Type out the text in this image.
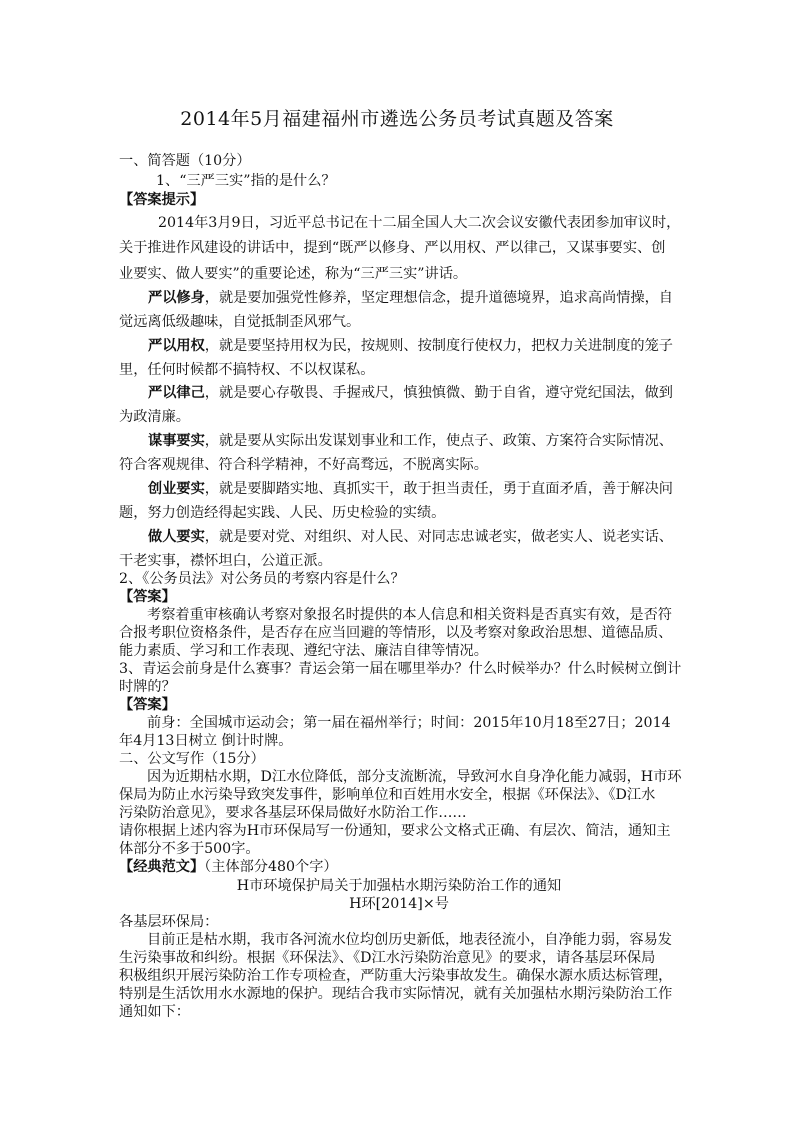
2014年5月福建福州市遴选公务员考试真题及答案
一、简答题（10分）
1、“三严三实”指的是什么？
【答案提示】
2014年3月9日，习近平总书记在十二届全国人大二次会议安徽代表团参加审议时，
关于推进作风建设的讲话中，提到“既严以修身、严以用权、严以律己，又谋事要实、创
业要实、做人要实”的重要论述，称为“三严三实”讲话。
严以修身，就是要加强党性修养，坚定理想信念，提升道德境界，追求高尚情操，自
觉远离低级趣味，自觉抵制歪风邪气。
严以用权，就是要坚持用权为民，按规则、按制度行使权力，把权力关进制度的笼子
里，任何时候都不搞特权、不以权谋私。
严以律己，就是要心存敬畏、手握戒尺，慎独慎微、勤于自省，遵守党纪国法，做到
为政清廉。
谋事要实，就是要从实际出发谋划事业和工作，使点子、政策、方案符合实际情况、
符合客观规律、符合科学精神，不好高骛远，不脱离实际。
创业要实，就是要脚踏实地、真抓实干，敢于担当责任，勇于直面矛盾，善于解决问
题，努力创造经得起实践、人民、历史检验的实绩。
做人要实，就是要对党、对组织、对人民、对同志忠诚老实，做老实人、说老实话、
干老实事，襟怀坦白，公道正派。
2、《公务员法》对公务员的考察内容是什么？
【答案】
考察着重审核确认考察对象报名时提供的本人信息和相关资料是否真实有效，是否符
合报考职位资格条件，是否存在应当回避的等情形，以及考察对象政治思想、道德品质、
能力素质、学习和工作表现、遵纪守法、廉洁自律等情况。
3、青运会前身是什么赛事？青运会第一届在哪里举办？什么时候举办？什么时候树立倒计
时牌的？
【答案】
前身：全国城市运动会；第一届在福州举行；时间：2015年10月18至27日；2014
年4月13日树立 倒计时牌。
二、公文写作（15分）
因为近期枯水期，D江水位降低，部分支流断流，导致河水自身净化能力减弱，H市环
保局为防止水污染导致突发事件，影响单位和百姓用水安全，根据《环保法》、《D江水
污染防治意见》，要求各基层环保局做好水防治工作……
请你根据上述内容为H市环保局写一份通知，要求公文格式正确、有层次、简洁，通知主
体部分不多于500字。
【经典范文】（主体部分480个字）
H市环境保护局关于加强枯水期污染防治工作的通知
H环[2014]×号
各基层环保局：
目前正是枯水期，我市各河流水位均创历史新低，地表径流小，自净能力弱，容易发
生污染事故和纠纷。根据《环保法》、《D江水污染防治意见》的要求，请各基层环保局
积极组织开展污染防治工作专项检查，严防重大污染事故发生。确保水源水质达标管理，
特别是生活饮用水水源地的保护。现结合我市实际情况，就有关加强枯水期污染防治工作
通知如下：
